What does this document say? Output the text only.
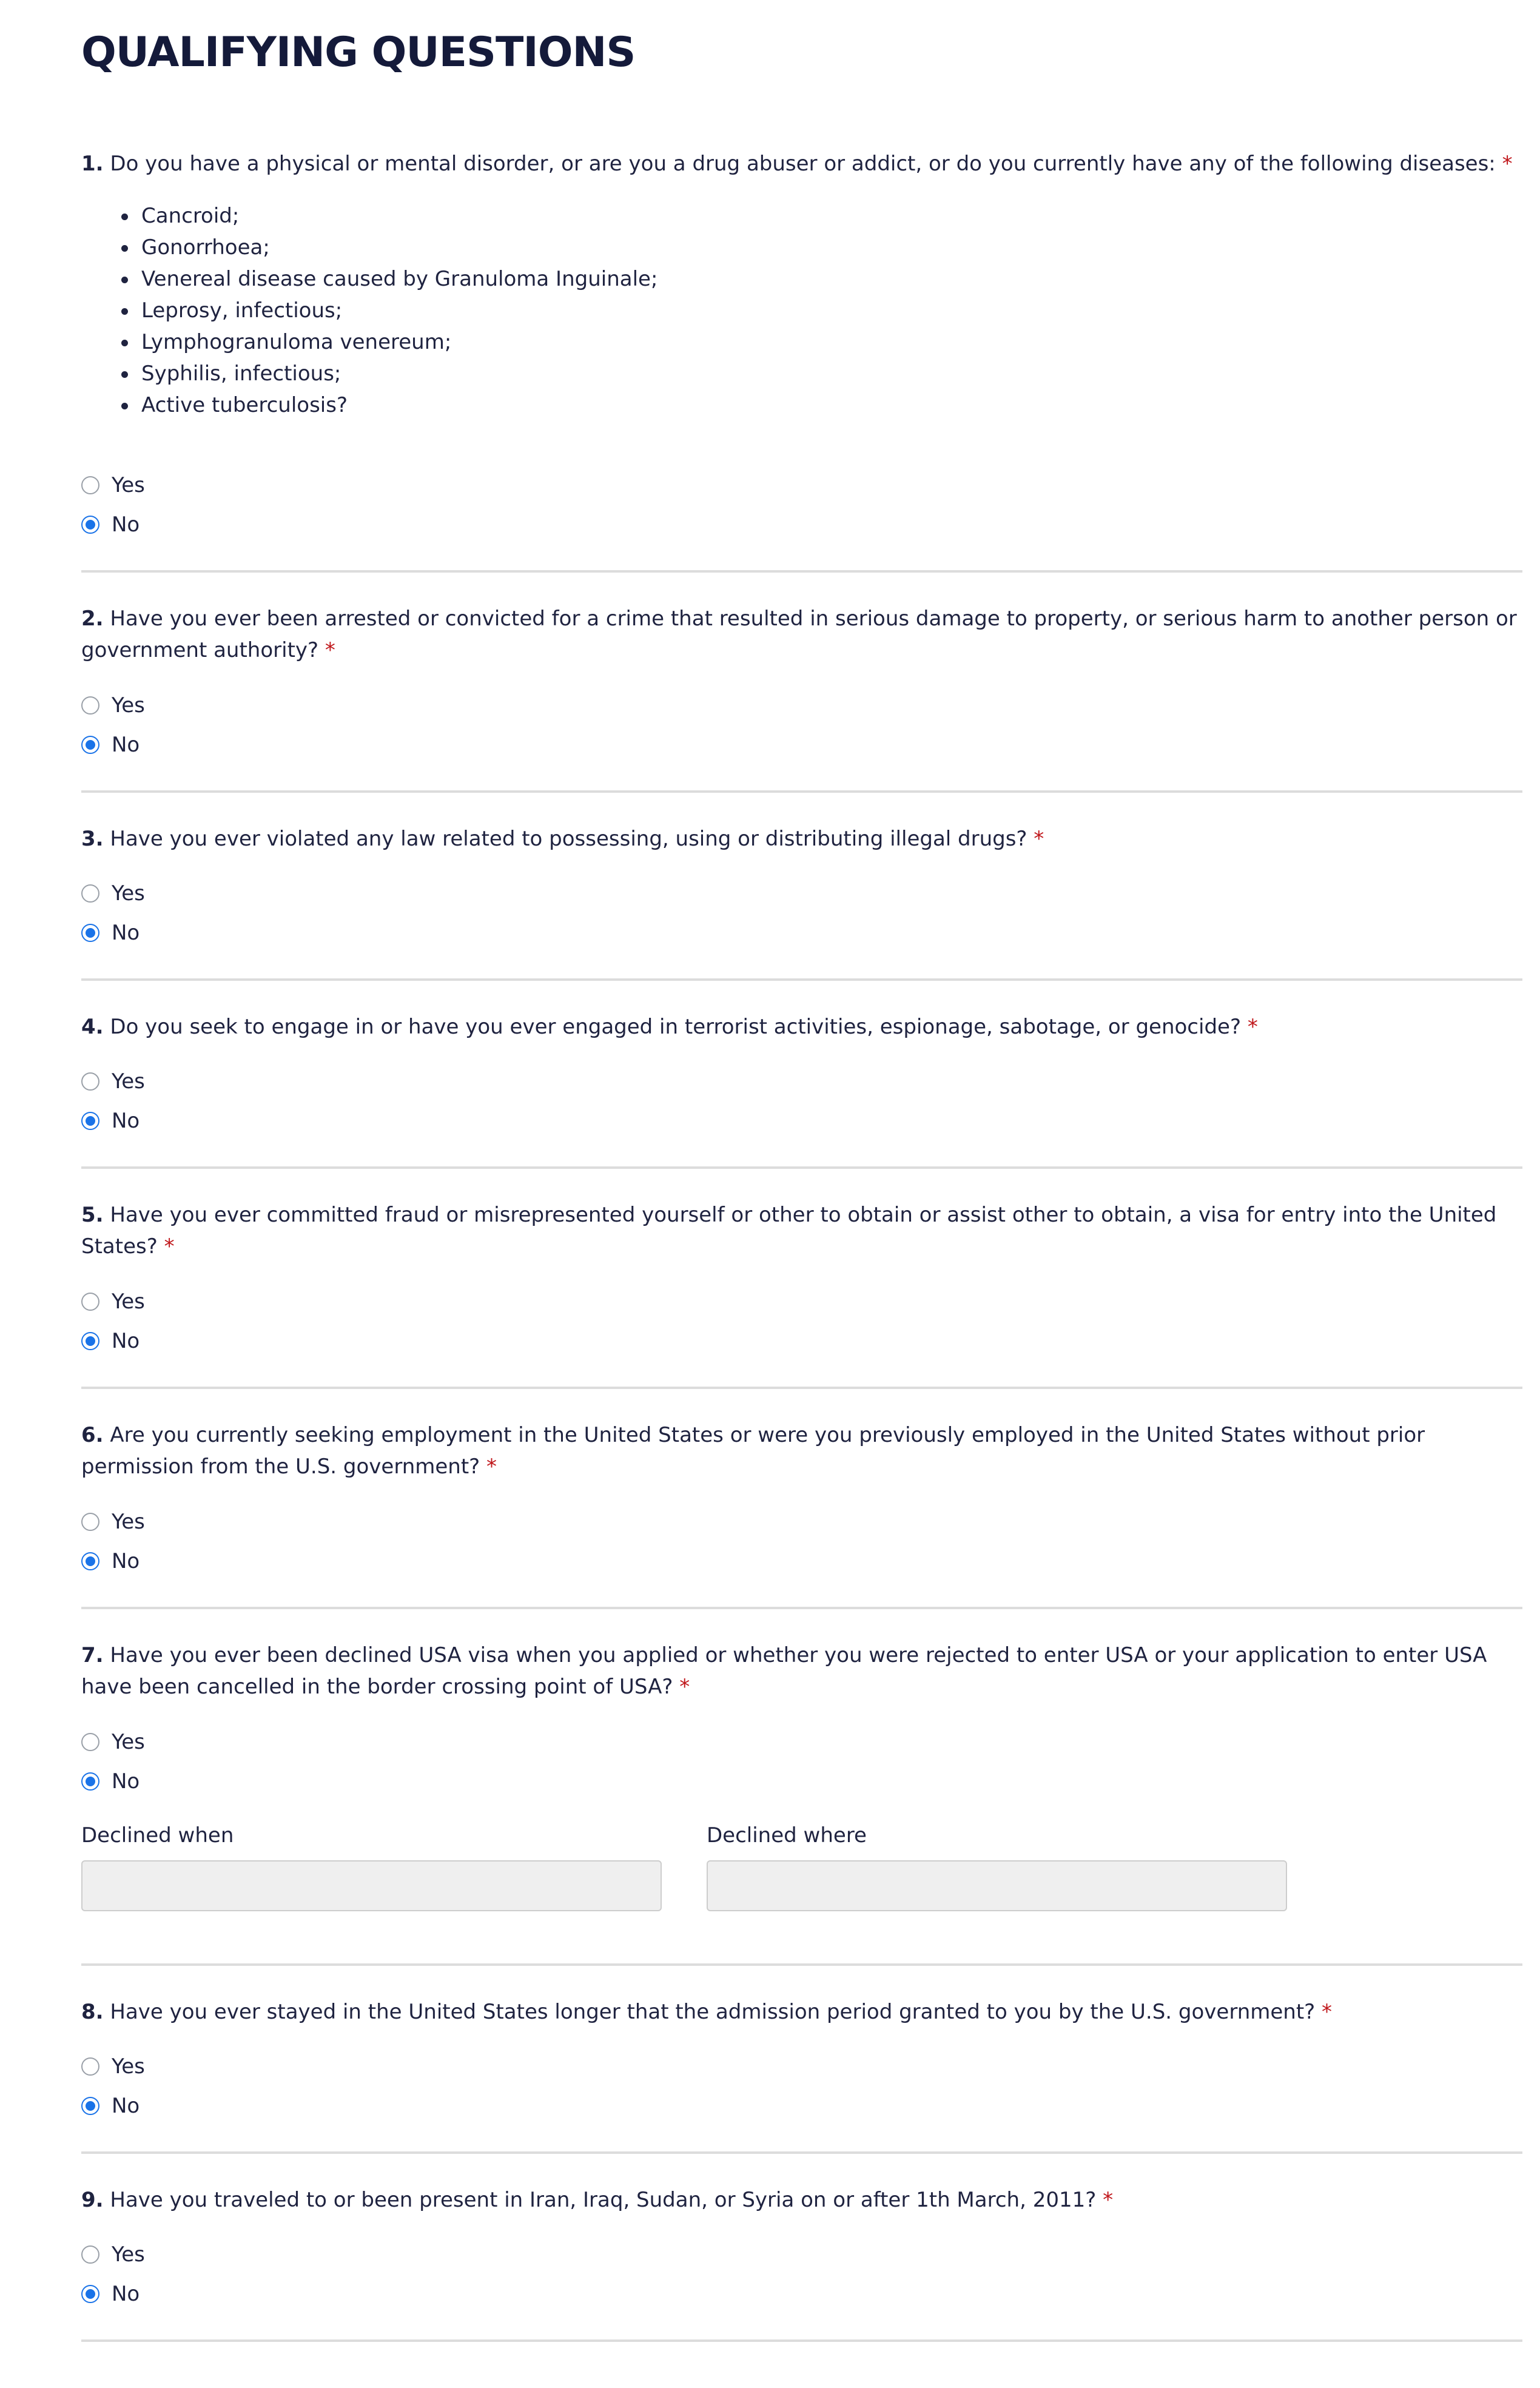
QUALIFYING QUESTIONS
1. Do you have a physical or mental disorder, or are you a drug abuser or addict, or do you currently have any of the following diseases: *
Cancroid;
Gonorrhoea;
Venereal disease caused by Granuloma Inguinale;
Leprosy, infectious;
Lymphogranuloma venereum;
Syphilis, infectious;
Active tuberculosis?
Yes
No
2. Have you ever been arrested or convicted for a crime that resulted in serious damage to property, or serious harm to another person or government authority? *
Yes
No
3. Have you ever violated any law related to possessing, using or distributing illegal drugs? *
Yes
No
4. Do you seek to engage in or have you ever engaged in terrorist activities, espionage, sabotage, or genocide? *
Yes
No
5. Have you ever committed fraud or misrepresented yourself or other to obtain or assist other to obtain, a visa for entry into the United States? *
Yes
No
6. Are you currently seeking employment in the United States or were you previously employed in the United States without prior permission from the U.S. government? *
Yes
No
7. Have you ever been declined USA visa when you applied or whether you were rejected to enter USA or your application to enter USA have been cancelled in the border crossing point of USA? *
Yes
No
Declined when	Declined where
8. Have you ever stayed in the United States longer that the admission period granted to you by the U.S. government? *
Yes
No
9. Have you traveled to or been present in Iran, Iraq, Sudan, or Syria on or after 1th March, 2011? *
Yes
No
